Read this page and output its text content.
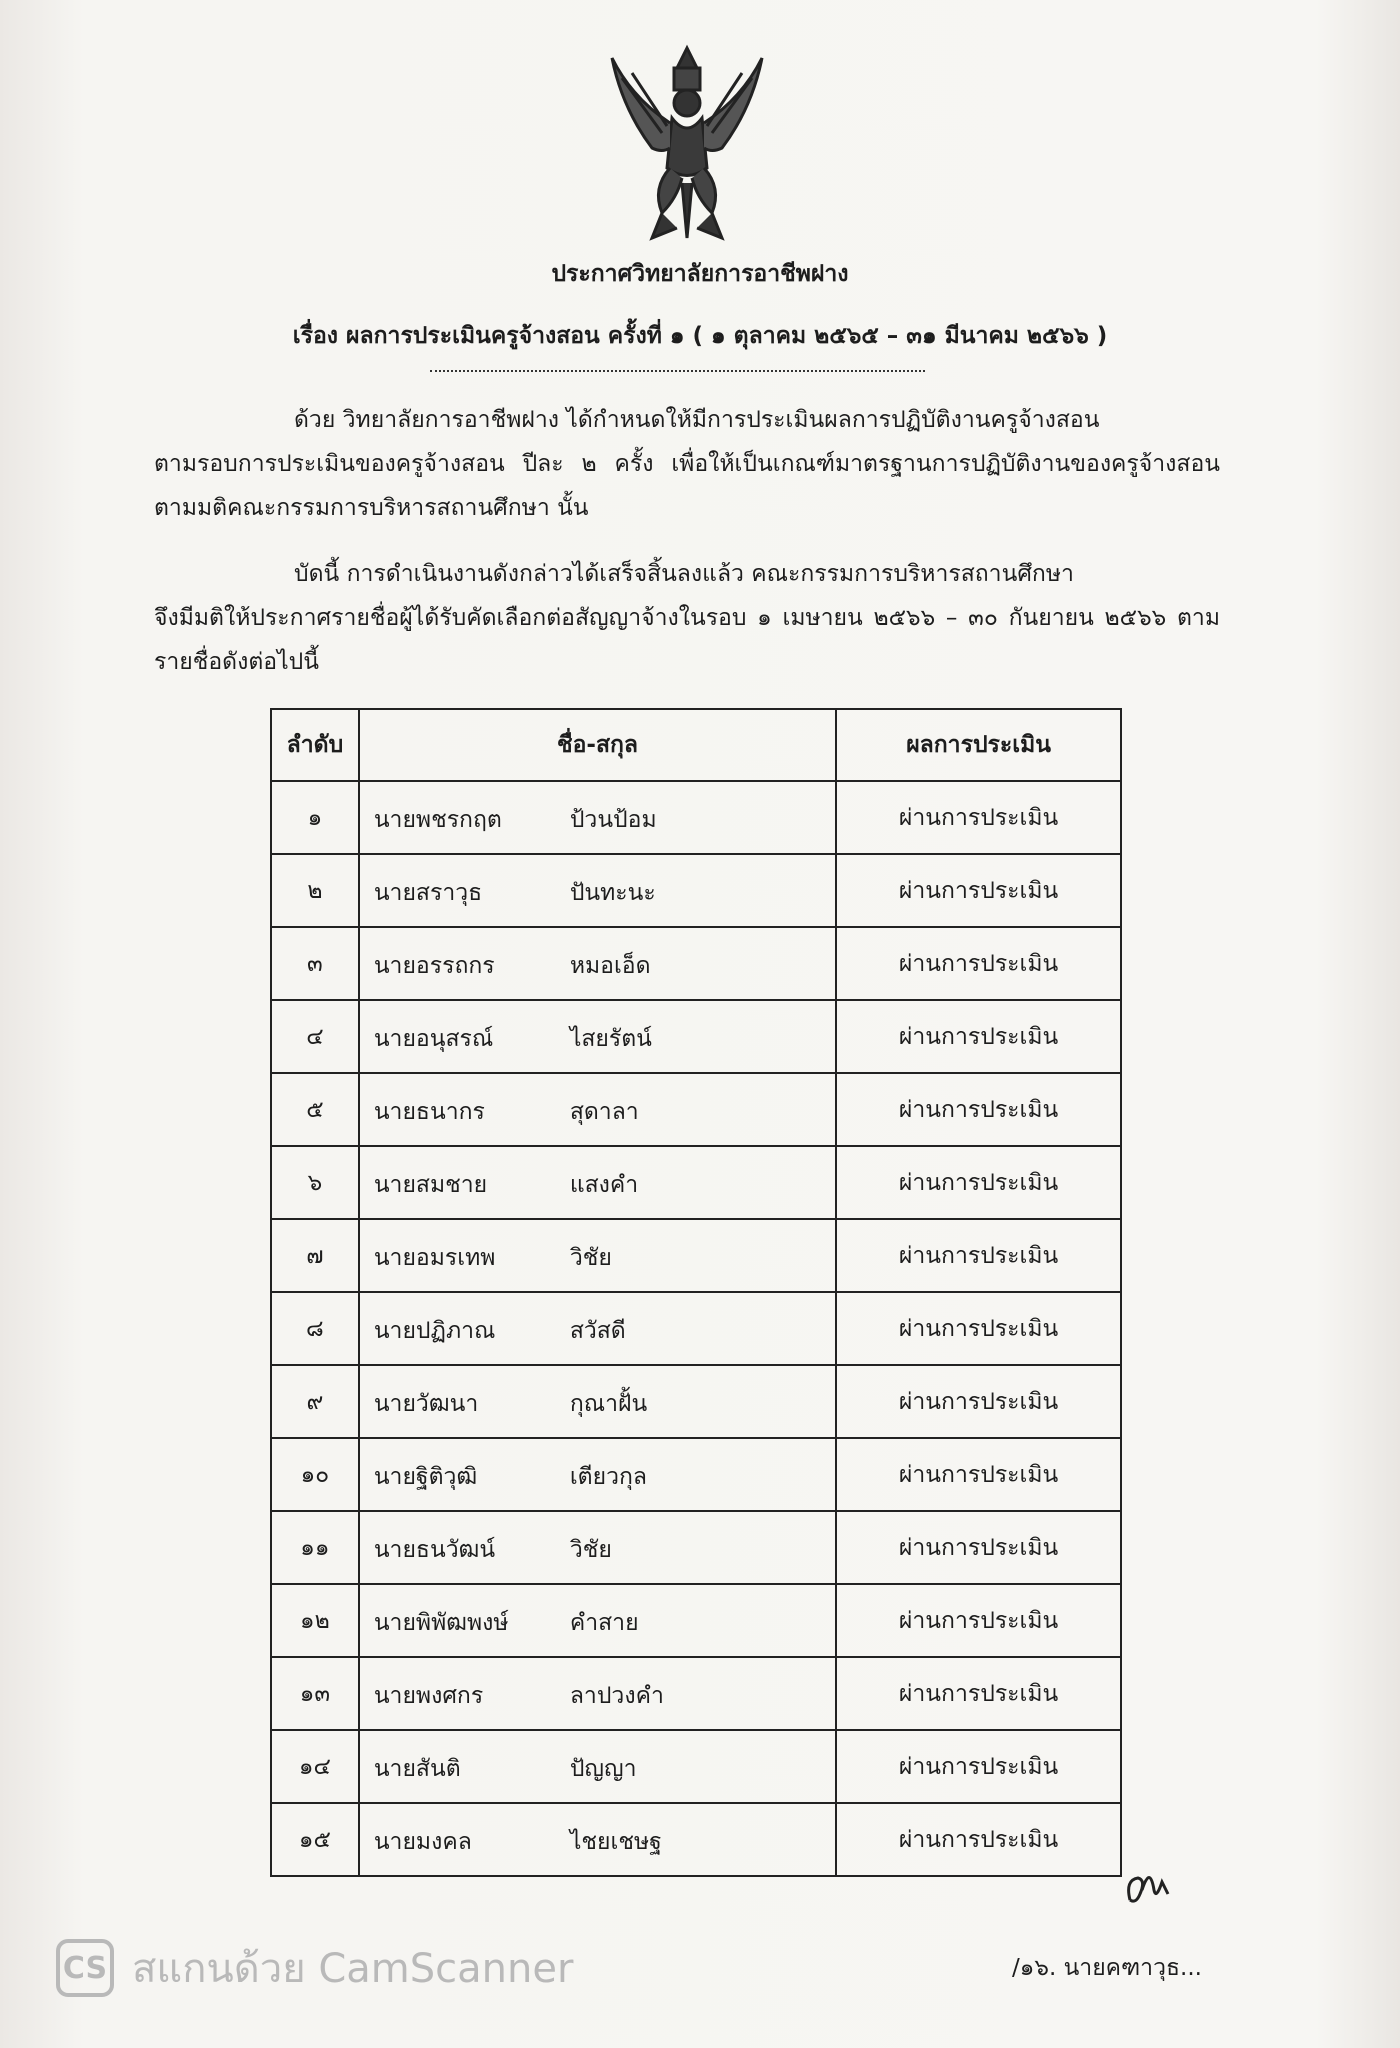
ประกาศวิทยาลัยการอาชีพฝาง
เรื่อง ผลการประเมินครูจ้างสอน ครั้งที่ ๑ ( ๑ ตุลาคม ๒๕๖๕ – ๓๑ มีนาคม ๒๕๖๖ )
ด้วย วิทยาลัยการอาชีพฝาง ได้กำหนดให้มีการประเมินผลการปฏิบัติงานครูจ้างสอน
ตามรอบการประเมินของครูจ้างสอน ปีละ ๒ ครั้ง เพื่อให้เป็นเกณฑ์มาตรฐานการปฏิบัติงานของครูจ้างสอน ตามมติคณะกรรมการบริหารสถานศึกษา นั้น
บัดนี้ การดำเนินงานดังกล่าวได้เสร็จสิ้นลงแล้ว คณะกรรมการบริหารสถานศึกษา
จึงมีมติให้ประกาศรายชื่อผู้ได้รับคัดเลือกต่อสัญญาจ้างในรอบ ๑ เมษายน ๒๕๖๖ – ๓๐ กันยายน ๒๕๖๖ ตามรายชื่อดังต่อไปนี้
ลำดับ	ชื่อ-สกุล	ผลการประเมิน
๑	นายพชรกฤต ป้วนป้อม	ผ่านการประเมิน
๒	นายสราวุธ ปันทะนะ	ผ่านการประเมิน
๓	นายอรรถกร หมอเอ็ด	ผ่านการประเมิน
๔	นายอนุสรณ์ ไสยรัตน์	ผ่านการประเมิน
๕	นายธนากร สุดาลา	ผ่านการประเมิน
๖	นายสมชาย แสงคำ	ผ่านการประเมิน
๗	นายอมรเทพ วิชัย	ผ่านการประเมิน
๘	นายปฏิภาณ สวัสดี	ผ่านการประเมิน
๙	นายวัฒนา กุณาฝั้น	ผ่านการประเมิน
๑๐	นายฐิติวุฒิ เตียวกุล	ผ่านการประเมิน
๑๑	นายธนวัฒน์ วิชัย	ผ่านการประเมิน
๑๒	นายพิพัฒพงษ์ คำสาย	ผ่านการประเมิน
๑๓	นายพงศกร ลาปวงคำ	ผ่านการประเมิน
๑๔	นายสันติ ปัญญา	ผ่านการประเมิน
๑๕	นายมงคล ไชยเชษฐ	ผ่านการประเมิน
CS สแกนด้วย CamScanner	/๑๖. นายคฑาวุธ...
